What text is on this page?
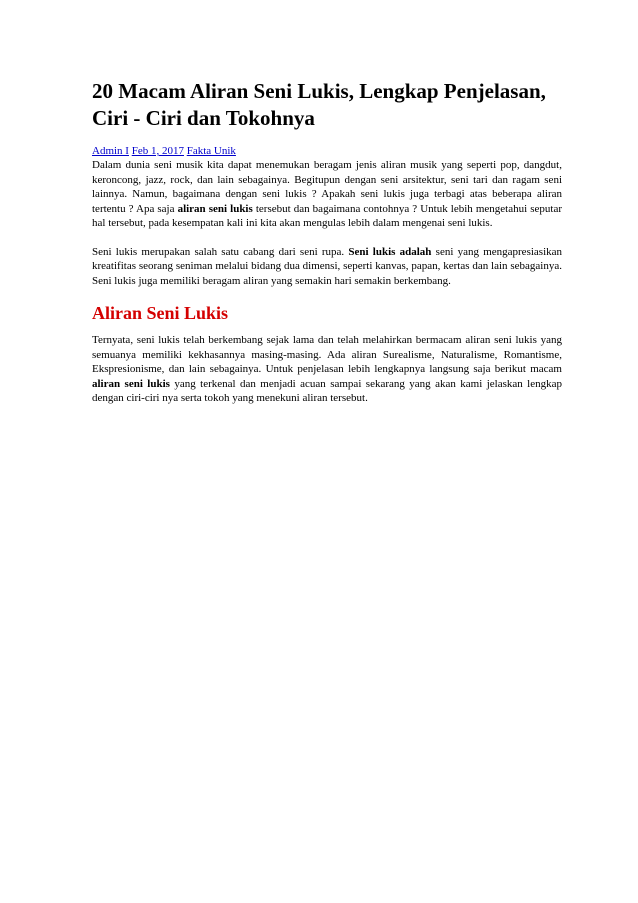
20 Macam Aliran Seni Lukis, Lengkap Penjelasan, Ciri - Ciri dan Tokohnya
Admin I Feb 1, 2017 Fakta Unik

Dalam dunia seni musik kita dapat menemukan beragam jenis aliran musik yang seperti pop, dangdut, keroncong, jazz, rock, dan lain sebagainya. Begitupun dengan seni arsitektur, seni tari dan ragam seni lainnya. Namun, bagaimana dengan seni lukis ? Apakah seni lukis juga terbagi atas beberapa aliran tertentu ? Apa saja aliran seni lukis tersebut dan bagaimana contohnya ? Untuk lebih mengetahui seputar hal tersebut, pada kesempatan kali ini kita akan mengulas lebih dalam mengenai seni lukis.

Seni lukis merupakan salah satu cabang dari seni rupa. Seni lukis adalah seni yang mengapresiasikan kreatifitas seorang seniman melalui bidang dua dimensi, seperti kanvas, papan, kertas dan lain sebagainya. Seni lukis juga memiliki beragam aliran yang semakin hari semakin berkembang.

Aliran Seni Lukis

Ternyata, seni lukis telah berkembang sejak lama dan telah melahirkan bermacam aliran seni lukis yang semuanya memiliki kekhasannya masing-masing. Ada aliran Surealisme, Naturalisme, Romantisme, Ekspresionisme, dan lain sebagainya. Untuk penjelasan lebih lengkapnya langsung saja berikut macam aliran seni lukis yang terkenal dan menjadi acuan sampai sekarang yang akan kami jelaskan lengkap dengan ciri-ciri nya serta tokoh yang menekuni aliran tersebut.
